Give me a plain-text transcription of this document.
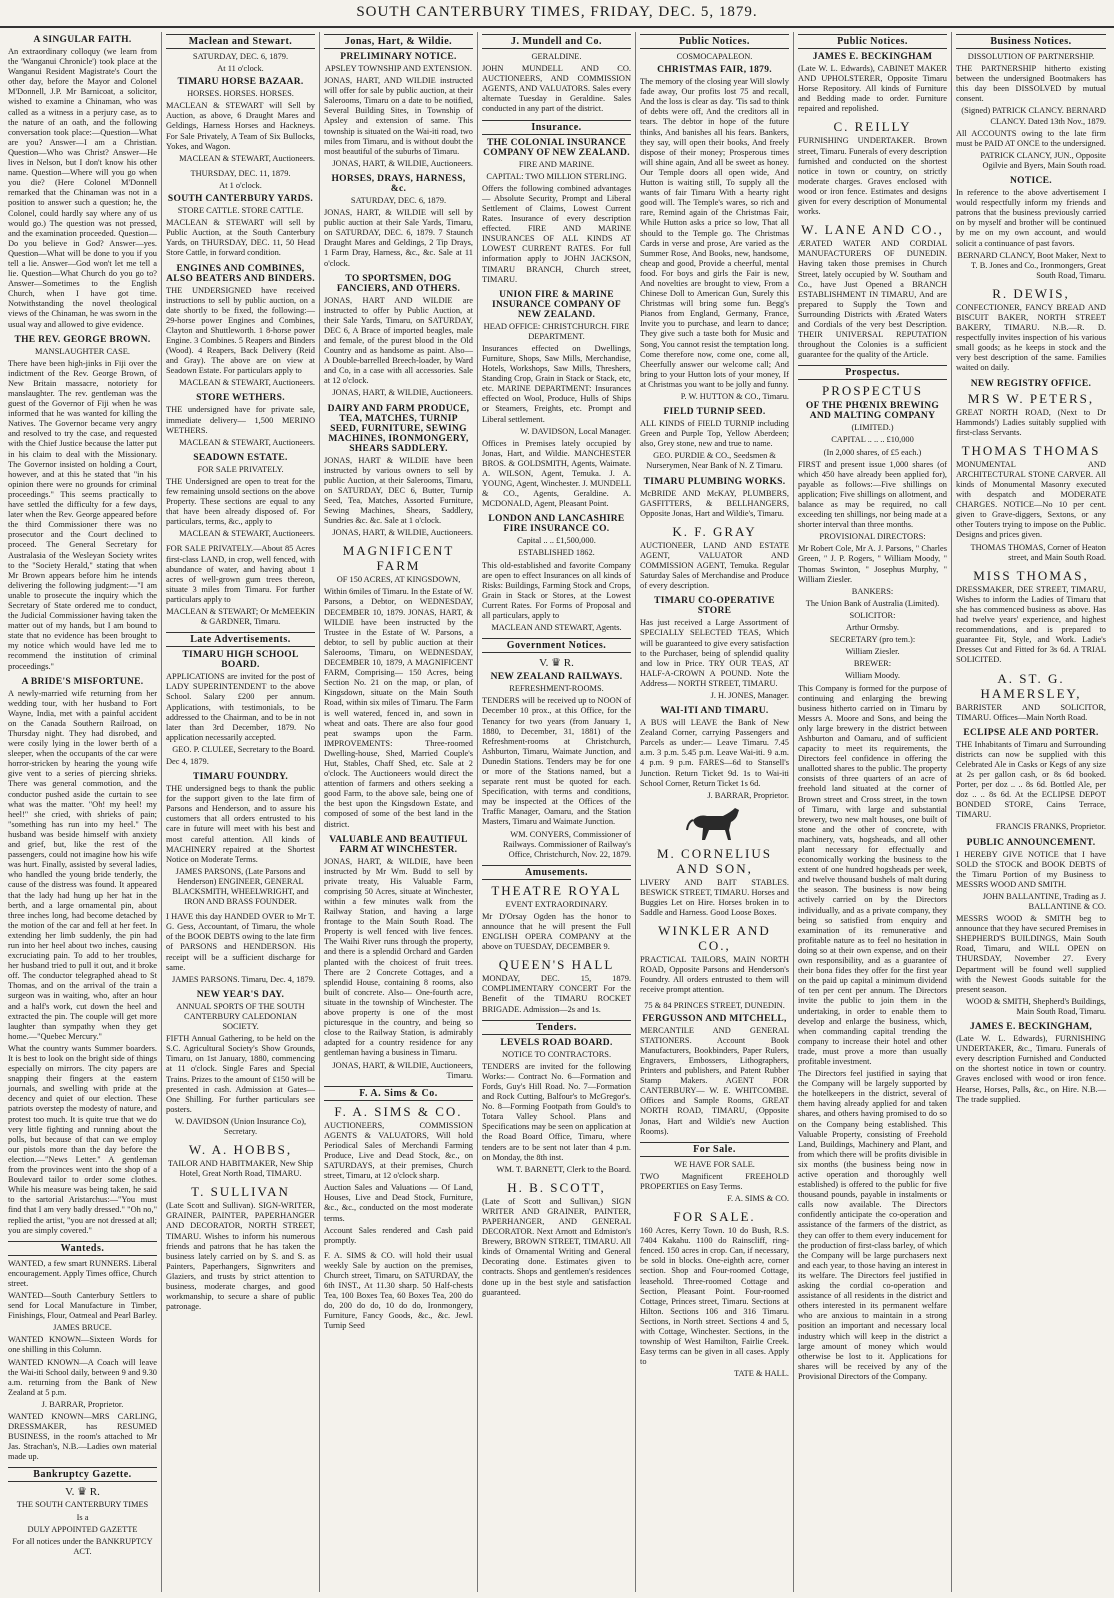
SOUTH CANTERBURY TIMES, FRIDAY, DEC. 5, 1879.
A SINGULAR FAITH.

An extraordinary colloquy (we learn from the 'Wanganui Chronicle') took place at the Wanganui Resident Magistrate's Court the other day, before the Mayor and Colonel M'Donnell, J.P. Mr Barnicoat, a solicitor, wished to examine a Chinaman, who was called as a witness in a perjury case, as to the nature of an oath, and the following conversation took place:—Question—What are you? Answer—I am a Christian. Question—Who was Christ? Answer—He lives in Nelson, but I don't know his other name. Question—Where will you go when you die? (Here Colonel M'Donnell remarked that the Chinaman was not in a position to answer such a question; he, the Colonel, could hardly say where any of us would go.) The question was not pressed, and the examination proceeded. Question—Do you believe in God? Answer—yes. Question—What will be done to you if you tell a lie. Answer—God won't let me tell a lie. Question—What Church do you go to? Answer—Sometimes to the English Church, when I have got time. Notwithstanding the novel theological views of the Chinaman, he was sworn in the usual way and allowed to give evidence.

THE REV. GEORGE BROWN.
MANSLAUGHTER CASE.

There have been high-jinks in Fiji over the indictment of the Rev. George Brown, of New Britain massacre, notoriety for manslaughter. The rev. gentleman was the guest of the Governor of Fiji when he was informed that he was wanted for killing the Natives. The Governor became very angry and resolved to try the case, and requested with the Chief Justice because the latter put in his claim to deal with the Missionary. The Governor insisted on holding a Court, however, and at this he stated that "in his opinion there were no grounds for criminal proceedings." This seems practically to have settled the difficulty for a few days, later when the Rev. George appeared before the third Commissioner there was no prosecutor and the Court declined to proceed. The General Secretary for Australasia of the Wesleyan Society writes to the "Society Herald," stating that when Mr Brown appears before him he intends delivering the following judgment:—"I am unable to prosecute the inquiry which the Secretary of State ordered me to conduct, the Judicial Commissioner having taken the matter out of my hands, but I am bound to state that no evidence has been brought to my notice which would have led me to recommend the institution of criminal proceedings."

A BRIDE'S MISFORTUNE.

A newly-married wife returning from her wedding tour, with her husband to Fort Wayne, India, met with a painful accident on the Canada Southern Railroad, on Thursday night. They had disrobed, and were cosily lying in the lower berth of a sleeper, when the occupants of the car were horror-stricken by hearing the young wife give vent to a series of piercing shrieks. There was general commotion, and the conductor pushed aside the curtain to see what was the matter. "Oh! my heel! my heel!" she cried, with shrieks of pain; "something has run into my heel." The husband was beside himself with anxiety and grief, but, like the rest of the passengers, could not imagine how his wife was hurt. Finally, assisted by several ladies, who handled the young bride tenderly, the cause of the distress was found. It appeared that the lady had hung up her hat in the berth, and a large ornamental pin, about three inches long, had become detached by the motion of the car and fell at her feet. In extending her limb suddenly, the pin had run into her heel about two inches, causing excruciating pain. To add to her troubles, her husband tried to pull it out, and it broke off. The conductor telegraphed ahead to St Thomas, and on the arrival of the train a surgeon was in waiting, who, after an hour and a half's work, cut down the heel and extracted the pin. The couple will get more laughter than sympathy when they get home.—"Quebec Mercury."

What the country wants Summer boarders. It is best to look on the bright side of things especially on mirrors. The city papers are snapping their fingers at the eastern journals, and swelling with pride at the decency and quiet of our election. These patriots overstep the modesty of nature, and protest too much. It is quite true that we do very little fighting and running about the polls, but because of that can we employ our pistols more than the day before the election.—"News Letter." A gentleman from the provinces went into the shop of a Boulevard tailor to order some clothes. While his measure was being taken, he said to the sartorial Aristarchus:—"You must find that I am very badly dressed." "Oh no," replied the artist, "you are not dressed at all; you are simply covered."

Wanteds.

WANTED, a few smart RUNNERS. Liberal encouragement. Apply Times office, Church street.

WANTED—South Canterbury Settlers to send for Local Manufacture in Timber, Finishings, Flour, Oatmeal and Pearl Barley.

JAMES BRUCE.

WANTED KNOWN—Sixteen Words for one shilling in this Column.

WANTED KNOWN—A Coach will leave the Wai-iti School daily, between 9 and 9.30 a.m. returning from the Bank of New Zealand at 5 p.m.

J. BARRAR, Proprietor.

WANTED KNOWN—MRS CARLING, DRESSMAKER, has RESUMED BUSINESS, in the room's attached to Mr Jas. Strachan's, N.B.—Ladies own material made up.

Bankruptcy Gazette.
V. ♛ R.
THE SOUTH CANTERBURY TIMES
Is a
DULY APPOINTED GAZETTE
For all notices under the BANKRUPTCY ACT.
Maclean and Stewart.
SATURDAY, DEC. 6, 1879.
At 11 o'clock.
TIMARU HORSE BAZAAR.
HORSES. HORSES. HORSES.

MACLEAN & STEWART will Sell by Auction, as above, 6 Draught Mares and Geldings, Harness Horses and Hackneys. For Sale Privately, A Team of Six Bullocks, Yokes, and Wagon.

MACLEAN & STEWART, Auctioneers.
THURSDAY, DEC. 11, 1879.
At 1 o'clock.
SOUTH CANTERBURY YARDS.
STORE CATTLE. STORE CATTLE.

MACLEAN & STEWART will sell by Public Auction, at the South Canterbury Yards, on THURSDAY, DEC. 11, 50 Head Store Cattle, in forward condition.

ENGINES AND COMBINES, ALSO BEATERS AND BINDERS.

THE UNDERSIGNED have received instructions to sell by public auction, on a date shortly to be fixed, the following:— 29-horse power Engines and Combines, Clayton and Shuttleworth. 1 8-horse power Engine. 3 Combines. 5 Reapers and Binders (Wood). 4 Reapers, Back Delivery (Reid and Gray). The above are on view at Seadown Estate. For particulars apply to

MACLEAN & STEWART, Auctioneers.
STORE WETHERS.

THE undersigned have for private sale, immediate delivery— 1,500 MERINO WETHERS.

MACLEAN & STEWART, Auctioneers.
SEADOWN ESTATE.
FOR SALE PRIVATELY.

THE Undersigned are open to treat for the few remaining unsold sections on the above Property. These sections are equal to any that have been already disposed of. For particulars, terms, &c., apply to

MACLEAN & STEWART, Auctioneers.

FOR SALE PRIVATELY.—About 85 Acres first-class LAND, in crop, well fenced, with abundance of water, and having about 1 acres of well-grown gum trees thereon, situate 3 miles from Timaru. For further particulars apply to

MACLEAN & STEWART; Or McMEEKIN & GARDNER, Timaru.
Late Advertisements.
TIMARU HIGH SCHOOL BOARD.

APPLICATIONS are invited for the post of LADY SUPERINTENDENT to the above School. Salary £200 per annum. Applications, with testimonials, to be addressed to the Chairman, and to be in not later than 3rd December, 1879. No application necessarily accepted.

GEO. P. CLULEE, Secretary to the Board.
Dec 4, 1879.
TIMARU FOUNDRY.

THE undersigned begs to thank the public for the support given to the late firm of Parsons and Henderson, and to assure his customers that all orders entrusted to his care in future will meet with his best and most careful attention. All kinds of MACHINERY repaired at the Shortest Notice on Moderate Terms.

JAMES PARSONS, (Late Parsons and Henderson) ENGINEER, GENERAL BLACKSMITH, WHEELWRIGHT, and IRON AND BRASS FOUNDER.

I HAVE this day HANDED OVER to Mr T. G. Gess, Accountant, of Timaru, the whole of the BOOK DEBTS owing to the late firm of PARSONS and HENDERSON. His receipt will be a sufficient discharge for same.

JAMES PARSONS. Timaru, Dec. 4, 1879.
NEW YEAR'S DAY.
ANNUAL SPORTS OF THE SOUTH CANTERBURY CALEDONIAN SOCIETY.

FIFTH Annual Gathering, to be held on the S.C. Agricultural Society's Show Grounds, Timaru, on 1st January, 1880, commencing at 11 o'clock. Single Fares and Special Trains. Prizes to the amount of £150 will be presented in cash. Admission at Gates—One Shilling. For further particulars see posters.

W. DAVIDSON (Union Insurance Co), Secretary.
W. A. HOBBS,
TAILOR AND HABITMAKER, New Ship Hotel, Great North Road, TIMARU.
T. SULLIVAN

(Late Scott and Sullivan). SIGN-WRITER, GRAINER, PAINTER, PAPERHANGER AND DECORATOR, NORTH STREET, TIMARU. Wishes to inform his numerous friends and patrons that he has taken the business lately carried on by S. and S. as Painters, Paperhangers, Signwriters and Glaziers, and trusts by strict attention to business, moderate charges, and good workmanship, to secure a share of public patronage.

Jonas, Hart, & Wildie.
PRELIMINARY NOTICE.
APSLEY TOWNSHIP AND EXTENSION.

JONAS, HART, AND WILDIE instructed will offer for sale by public auction, at their Salerooms, Timaru on a date to be notified, Several Building Sites, in Township of Apsley and extension of same. This township is situated on the Wai-iti road, two miles from Timaru, and is without doubt the most beautiful of the suburbs of Timaru.

JONAS, HART, & WILDIE, Auctioneers.
HORSES, DRAYS, HARNESS, &c.
SATURDAY, DEC. 6, 1879.

JONAS, HART, & WILDIE will sell by public auction at their Sale Yards, Timaru, on SATURDAY, DEC. 6, 1879. 7 Staunch Draught Mares and Geldings, 2 Tip Drays, 1 Farm Dray, Harness, &c., &c. Sale at 11 o'clock.

TO SPORTSMEN, DOG FANCIERS, AND OTHERS.

JONAS, HART AND WILDIE are instructed to offer by Public Auction, at their Sale Yards, Timaru, on SATURDAY, DEC 6, A Brace of imported beagles, male and female, of the purest blood in the Old Country and as handsome as paint. Also— A Double-barrelled Breech-loader, by Ward and Co, in a case with all accessories. Sale at 12 o'clock.

JONAS, HART, & WILDIE, Auctioneers.
DAIRY AND FARM PRODUCE, TEA, MATCHES, TURNIP SEED, FURNITURE, SEWING MACHINES, IRONMONGERY, SHEARS SADDLERY.

JONAS, HART & WILDIE have been instructed by various owners to sell by public Auction, at their Salerooms, Timaru, on SATURDAY, DEC 6, Butter, Turnip Seed, Tea, Matches, Assorted Furniture, Sewing Machines, Shears, Saddlery, Sundries &c. &c. Sale at 1 o'clock.

JONAS, HART, & WILDIE, Auctioneers.
MAGNIFICENT FARM
OF 150 ACRES, AT KINGSDOWN,

Within 6miles of Timaru. In the Estate of W. Parsons, a Debtor, on WEDNESDAY, DECEMBER 10, 1879. JONAS, HART, & WILDIE have been instructed by the Trustee in the Estate of W. Parsons, a debtor, to sell by public auction at their Salerooms, Timaru, on WEDNESDAY, DECEMBER 10, 1879, A MAGNIFICENT FARM, Comprising— 150 Acres, being Section No. 21 on the map, or plan, of Kingsdown, situate on the Main South Road, within six miles of Timaru. The Farm is well watered, fenced in, and sown in wheat and oats. There are also four good peat swamps upon the Farm. IMPROVEMENTS: Three-roomed Dwelling-house, Shed, Married Couple's Hut, Stables, Chaff Shed, etc. Sale at 2 o'clock. The Auctioneers would direct the attention of farmers and others seeking a good Farm, to the above sale, being one of the best upon the Kingsdown Estate, and composed of some of the best land in the district.

VALUABLE AND BEAUTIFUL FARM AT WINCHESTER.

JONAS, HART, & WILDIE, have been instructed by Mr Wm. Budd to sell by private treaty, His Valuable Farm, comprising 50 Acres, situate at Winchester, within a few minutes walk from the Railway Station, and having a large frontage to the Main South Road. The Property is well fenced with live fences. The Waihi River runs through the property, and there is a splendid Orchard and Garden planted with the choicest of fruit trees. There are 2 Concrete Cottages, and a splendid House, containing 8 rooms, also built of concrete. Also— One-fourth acre, situate in the township of Winchester. The above property is one of the most picturesque in the country, and being so close to the Railway Station, is admirably adapted for a country residence for any gentleman having a business in Timaru.

JONAS, HART, & WILDIE, Auctioneers, Timaru.
F. A. Sims & Co.
F. A. SIMS & CO.

AUCTIONEERS, COMMISSION AGENTS & VALUATORS, Will hold Periodical Sales of Merchandi Farming Produce, Live and Dead Stock, &c., on SATURDAYS, at their premises, Church street, Timaru, at 12 o'clock sharp.

Auction Sales and Valuations — Of Land, Houses, Live and Dead Stock, Furniture, &c., &c., conducted on the most moderate terms.

Account Sales rendered and Cash paid promptly.

F. A. SIMS & CO. will hold their usual weekly Sale by auction on the premises, Church street, Timaru, on SATURDAY, the 6th INST., At 11.30 sharp. 50 Half-chests Tea, 100 Boxes Tea, 60 Boxes Tea, 200 do do, 200 do do, 10 do do, Ironmongery, Furniture, Fancy Goods, &c., &c. Jewl. Turnip Seed

J. Mundell and Co.
GERALDINE.

JOHN MUNDELL AND CO. AUCTIONEERS, AND COMMISSION AGENTS, AND VALUATORS. Sales every alternate Tuesday in Geraldine. Sales conducted in any part of the district.

Insurance.
THE COLONIAL INSURANCE COMPANY OF NEW ZEALAND.
FIRE AND MARINE.
CAPITAL: TWO MILLION STERLING.

Offers the following combined advantages— Absolute Security, Prompt and Liberal Settlement of Claims, Lowest Current Rates. Insurance of every description effected. FIRE AND MARINE INSURANCES OF ALL KINDS AT LOWEST CURRENT RATES. For full information apply to JOHN JACKSON, TIMARU BRANCH, Church street, TIMARU.

UNION FIRE & MARINE INSURANCE COMPANY OF NEW ZEALAND.
HEAD OFFICE: CHRISTCHURCH. FIRE DEPARTMENT.

Insurances effected on Dwellings, Furniture, Shops, Saw Mills, Merchandise, Hotels, Workshops, Saw Mills, Threshers, Standing Crop, Grain in Stack or Stack, etc, etc. MARINE DEPARTMENT: Insurances effected on Wool, Produce, Hulls of Ships or Steamers, Freights, etc. Prompt and Liberal settlement.

W. DAVIDSON, Local Manager.

Offices in Premises lately occupied by Jonas, Hart, and Wildie. MANCHESTER BROS. & GOLDSMITH, Agents, Waimate. A. WILSON, Agent, Temuka. J. A. YOUNG, Agent, Winchester. J. MUNDELL & CO., Agents, Geraldine. A. MCDONALD, Agent, Pleasant Point.

LONDON AND LANCASHIRE FIRE INSURANCE CO.
Capital .. .. £1,500,000.
ESTABLISHED 1862.

This old-established and favorite Company are open to effect Insurances on all kinds of Risks: Buildings, Farming Stock and Crops, Grain in Stack or Stores, at the Lowest Current Rates. For Forms of Proposal and all particulars, apply to

MACLEAN AND STEWART, Agents.
Government Notices.
V. ♛ R.
NEW ZEALAND RAILWAYS.
REFRESHMENT-ROOMS.

TENDERS will be received up to NOON of December 10 prox., at this Office, for the Tenancy for two years (from January 1, 1880, to December, 31, 1881) of the Refreshment-rooms at Christchurch, Ashburton, Timaru, Waimate Junction, and Dunedin Stations. Tenders may be for one or more of the Stations named, but a separate rent must be quoted for each. Specification, with terms and conditions, may be inspected at the Offices of the Traffic Manager, Oamaru, and the Station Masters, Timaru and Waimate Junction.

WM. CONYERS, Commissioner of Railways. Commissioner of Railway's Office, Christchurch, Nov. 22, 1879.
Amusements.
THEATRE ROYAL
EVENT EXTRAORDINARY.

Mr D'Orsay Ogden has the honor to announce that he will present the Full ENGLISH OPERA COMPANY at the above on TUESDAY, DECEMBER 9.

QUEEN'S HALL

MONDAY, DEC. 15, 1879. COMPLIMENTARY CONCERT For the Benefit of the TIMARU ROCKET BRIGADE. Admission—2s and 1s.

Tenders.
LEVELS ROAD BOARD.
NOTICE TO CONTRACTORS.

TENDERS are invited for the following Works:— Contract No. 6—Formation and Fords, Guy's Hill Road. No. 7—Formation and Rock Cutting, Balfour's to McGregor's. No. 8—Forming Footpath from Gould's to Totara Valley School. Plans and Specifications may be seen on application at the Road Board Office, Timaru, where tenders are to be sent not later than 4 p.m. on Monday, the 8th inst.

WM. T. BARNETT, Clerk to the Board.
H. B. SCOTT,

(Late of Scott and Sullivan,) SIGN WRITER AND GRAINER, PAINTER, PAPERHANGER, AND GENERAL DECORATOR. Next Arnott and Edmiston's Brewery, BROWN STREET, TIMARU. All kinds of Ornamental Writing and General Decorating done. Estimates given to contracts. Shops and gentlemen's residences done up in the best style and satisfaction guaranteed.

Public Notices.
COSMOCAPALEON.
CHRISTMAS FAIR, 1879.

The memory of the closing year Will slowly fade away, Our profits lost 75 and recall, And the loss is clear as day. 'Tis sad to think of debts were off, And the creditors all in tears. The debtor in hope of the future thinks, And banishes all his fears. Bankers, they say, will open their books, And freely dispose of their money; Prosperous times will shine again, And all be sweet as honey. Our Temple doors all open wide, And Hutton is waiting still, To supply all the wants of fair Timaru With a hearty right good will. The Temple's wares, so rich and rare, Remind again of the Christmas Fair, While Hutton asks a price so low, That all should to the Temple go. The Christmas Cards in verse and prose, Are varied as the Summer Rose, And Books, new, handsome, cheap and good, Provide a cheerful, mental food. For boys and girls the Fair is new, And novelties are brought to view, From a Chinese Doll to American Gun, Surely this Christmas will bring some fun. Begg's Pianos from England, Germany, France, Invite you to purchase, and learn to dance; They give such a taste both for Music and Song, You cannot resist the temptation long. Come therefore now, come one, come all, Cheerfully answer our welcome call; And bring to your Hutton lots of your money, If at Christmas you want to be jolly and funny.

P. W. HUTTON & CO., Timaru.
FIELD TURNIP SEED.

ALL KINDS of FIELD TURNIP including Green and Purple Top, Yellow Aberdeen; also, Grey stone, new and true to name.

GEO. PURDIE & CO., Seedsmen & Nurserymen, Near Bank of N. Z Timaru.
TIMARU PLUMBING WORKS.

McBRIDE AND McKAY, PLUMBERS, GASFITTERS, & BELLHANGERS, Opposite Jonas, Hart and Wildie's, Timaru.

K. F. GRAY

AUCTIONEER, LAND AND ESTATE AGENT, VALUATOR AND COMMISSION AGENT, Temuka. Regular Saturday Sales of Merchandise and Produce of every description.

TIMARU CO-OPERATIVE STORE

Has just received a Large Assortment of SPECIALLY SELECTED TEAS, Which will be guaranteed to give every satisfaction to the Purchaser, being of splendid quality and low in Price. TRY OUR TEAS, AT HALF-A-CROWN A POUND. Note the Address— NORTH STREET, TIMARU.

J. H. JONES, Manager.
WAI-ITI AND TIMARU.

A BUS will LEAVE the Bank of New Zealand Corner, carrying Passengers and Parcels as under:— Leave Timaru. 7.45 a.m. 3 p.m. 5.45 p.m. Leave Wai-iti. 9 a.m. 4 p.m. 9 p.m. FARES—6d to Stansell's Junction. Return Ticket 9d. 1s to Wai-iti School Corner, Return Ticket 1s 6d.

J. BARRAR, Proprietor.
M. CORNELIUS AND SON,

LIVERY AND BAIT STABLES. BESWICK STREET, TIMARU. Horses and Buggies Let on Hire. Horses broken in to Saddle and Harness. Good Loose Boxes.

WINKLER AND CO.,

PRACTICAL TAILORS, MAIN NORTH ROAD, Opposite Parsons and Henderson's Foundry. All orders entrusted to them will receive prompt attention.

75 & 84 PRINCES STREET, DUNEDIN.
FERGUSSON AND MITCHELL,

MERCANTILE AND GENERAL STATIONERS. Account Book Manufacturers, Bookbinders, Paper Rulers, Engravers, Embossers, Lithographers, Printers and publishers, and Patent Rubber Stamp Makers. AGENT FOR CANTERBURY— W. E. WHITCOMBE. Offices and Sample Rooms, GREAT NORTH ROAD, TIMARU, (Opposite Jonas, Hart and Wildie's new Auction Rooms).

For Sale.
WE HAVE FOR SALE.

TWO Magnificent FREEHOLD PROPERTIES on Easy Terms.

F. A. SIMS & CO.
FOR SALE.

160 Acres, Kerry Town. 10 do Bush, R.S. 7404 Kakahu. 1100 do Rainscliff, ring-fenced. 150 acres in crop. Can, if necessary, be sold in blocks. One-eighth acre, corner section. Shop and Four-roomed Cottage, leasehold. Three-roomed Cottage and Section, Pleasant Point. Four-roomed Cottage, Princes street, Timaru. Sections at Hilton. Sections 106 and 316 Timaru. Sections, in North street. Sections 4 and 5, with Cottage, Winchester. Sections, in the township of West Hamilton, Fairlie Creek. Easy terms can be given in all cases. Apply to

TATE & HALL.
Public Notices.
JAMES E. BECKINGHAM

(Late W. L. Edwards), CABINET MAKER AND UPHOLSTERER, Opposite Timaru Horse Repository. All kinds of Furniture and Bedding made to order. Furniture repaired and repolished.

C. REILLY

FURNISHING UNDERTAKER. Brown street, Timaru. Funerals of every description furnished and conducted on the shortest notice in town or country, on strictly moderate charges. Graves enclosed with wood or iron fence. Estimates and designs given for every description of Monumental works.

W. LANE AND CO.,

ÆRATED WATER AND CORDIAL MANUFACTURERS OF DUNEDIN. Having taken those premises in Church Street, lately occupied by W. Southam and Co., have Just Opened a BRANCH ESTABLISHMENT IN TIMARU, And are prepared to Supply the Town and Surrounding Districts with Ærated Waters and Cordials of the very best Description. THEIR UNIVERSAL REPUTATION throughout the Colonies is a sufficient guarantee for the quality of the Article.

Prospectus.
PROSPECTUS
OF THE PHŒNIX BREWING AND MALTING COMPANY
(LIMITED.)
CAPITAL .. .. .. £10,000
(In 2,000 shares, of £5 each.)

FIRST and present issue 1,000 shares (of which 450 have already been applied for), payable as follows:—Five shillings on application; Five shillings on allotment, and balance as may be required, no call exceeding ten shillings, nor being made at a shorter interval than three months.

PROVISIONAL DIRECTORS:

Mr Robert Cole, Mr A. J. Parsons, " Charles Green, " J. P. Rogers, " William Moody, " Thomas Swinton, " Josephus Murphy, " William Ziesler.

BANKERS:
The Union Bank of Australia (Limited).
SOLICITOR:
Arthur Ormsby.
SECRETARY (pro tem.):
William Ziesler.
BREWER:
William Moody.

This Company is formed for the purpose of continuing and enlarging the brewing business hitherto carried on in Timaru by Messrs A. Moore and Sons, and being the only large brewery in the district between Ashburton and Oamaru, and of sufficient capacity to meet its requirements, the Directors feel confidence in offering the unallotted shares to the public. The property consists of three quarters of an acre of freehold land situated at the corner of Brown street and Cross street, in the town of Timaru, with large and substantial brewery, two new malt houses, one built of stone and the other of concrete, with machinery, vats, hogsheads, and all other plant necessary for effectually and economically working the business to the extent of one hundred hogsheads per week, and twelve thousand bushels of malt during the season. The business is now being actively carried on by the Directors individually, and as a private company, they being so satisfied from enquiry and examination of its remunerative and profitable nature as to feel no hesitation in doing so at their own expense, and on their own responsibility, and as a guarantee of their bona fides they offer for the first year on the paid up capital a minimum dividend of ten per cent per annum. The Directors invite the public to join them in the undertaking, in order to enable them to develop and enlarge the business, which, when commanding capital trending the company to increase their hotel and other trade, must prove a more than usually profitable investment.

The Directors feel justified in saying that the Company will be largely supported by the hotelkeepers in the district, several of them having already applied for and taken shares, and others having promised to do so on the Company being established. This Valuable Property, consisting of Freehold Land, Buildings, Machinery and Plant, and from which there will be profits divisible in six months (the business being now in active operation and thoroughly well established) is offered to the public for five thousand pounds, payable in instalments or calls now available. The Directors confidently anticipate the co-operation and assistance of the farmers of the district, as they can offer to them every inducement for the production of first-class barley, of which the Company will be large purchasers next and each year, to those having an interest in its welfare. The Directors feel justified in asking the cordial co-operation and assistance of all residents in the district and others interested in its permanent welfare who are anxious to maintain in a strong position an important and necessary local industry which will keep in the district a large amount of money which would otherwise be lost to it. Applications for shares will be received by any of the Provisional Directors of the Company.

Business Notices.
DISSOLUTION OF PARTNERSHIP.

THE PARTNERSHIP hitherto existing between the undersigned Bootmakers has this day been DISSOLVED by mutual consent.

(Signed) PATRICK CLANCY. BERNARD CLANCY. Dated 13th Nov., 1879.

All ACCOUNTS owing to the late firm must be PAID AT ONCE to the undersigned.

PATRICK CLANCY, JUN., Opposite Ogilvie and Byers, Main South road.
NOTICE.

In reference to the above advertisement I would respectfully inform my friends and patrons that the business previously carried on by myself and brother will be continued by me on my own account, and would solicit a continuance of past favors.

BERNARD CLANCY, Boot Maker, Next to T. B. Jones and Co., Ironmongers, Great South Road, Timaru.
R. DEWIS,

CONFECTIONER, FANCY BREAD AND BISCUIT BAKER, NORTH STREET BAKERY, TIMARU. N.B.—R. D. respectfully invites inspection of his various small goods; as he keeps in stock and the very best description of the same. Families waited on daily.

NEW REGISTRY OFFICE.
MRS W. PETERS,

GREAT NORTH ROAD, (Next to Dr Hammonds') Ladies suitably supplied with first-class Servants.

THOMAS THOMAS

MONUMENTAL AND ARCHITECTURAL STONE CARVER. All kinds of Monumental Masonry executed with despatch and MODERATE CHARGES. NOTICE—No 10 per cent. given to Grave-diggers, Sextons, or any other Touters trying to impose on the Public. Designs and prices given.

THOMAS THOMAS, Corner of Heaton street, and Main South Road.
MISS THOMAS,

DRESSMAKER, DEE STREET, TIMARU, Wishes to inform the Ladies of Timaru that she has commenced business as above. Has had twelve years' experience, and highest recommendations, and is prepared to guarantee Fit, Style, and Work. Ladie's Dresses Cut and Fitted for 3s 6d. A TRIAL SOLICITED.

A. ST. G. HAMERSLEY,

BARRISTER AND SOLICITOR, TIMARU. Offices—Main North Road.

ECLIPSE ALE AND PORTER.

THE Inhabitants of Timaru and Surrounding districts can now be supplied with this Celebrated Ale in Casks or Kegs of any size at 2s per gallon cash, or 8s 6d booked. Porter, per doz .. .. 8s 6d. Bottled Ale, per doz .. .. 8s 6d. At the ECLIPSE DEPOT BONDED STORE, Cains Terrace, TIMARU.

FRANCIS FRANKS, Proprietor.
PUBLIC ANNOUNCEMENT.

I HEREBY GIVE NOTICE that I have SOLD the STOCK and BOOK DEBTS of the Timaru Portion of my Business to MESSRS WOOD AND SMITH.

JOHN BALLANTINE, Trading as J. BALLANTINE & CO.

MESSRS WOOD & SMITH beg to announce that they have secured Premises in SHEPHERD'S BUILDINGS, Main South Road, Timaru, and WILL OPEN on THURSDAY, November 27. Every Department will be found well supplied with the Newest Goods suitable for the present season.

WOOD & SMITH, Shepherd's Buildings, Main South Road, Timaru.
JAMES E. BECKINGHAM,

(Late W. L. Edwards), FURNISHING UNDERTAKER, &c., Timaru. Funerals of every description Furnished and Conducted on the shortest notice in town or country. Graves enclosed with wood or iron fence. Hearse, Horses, Palls, &c., on Hire. N.B.—The trade supplied.
